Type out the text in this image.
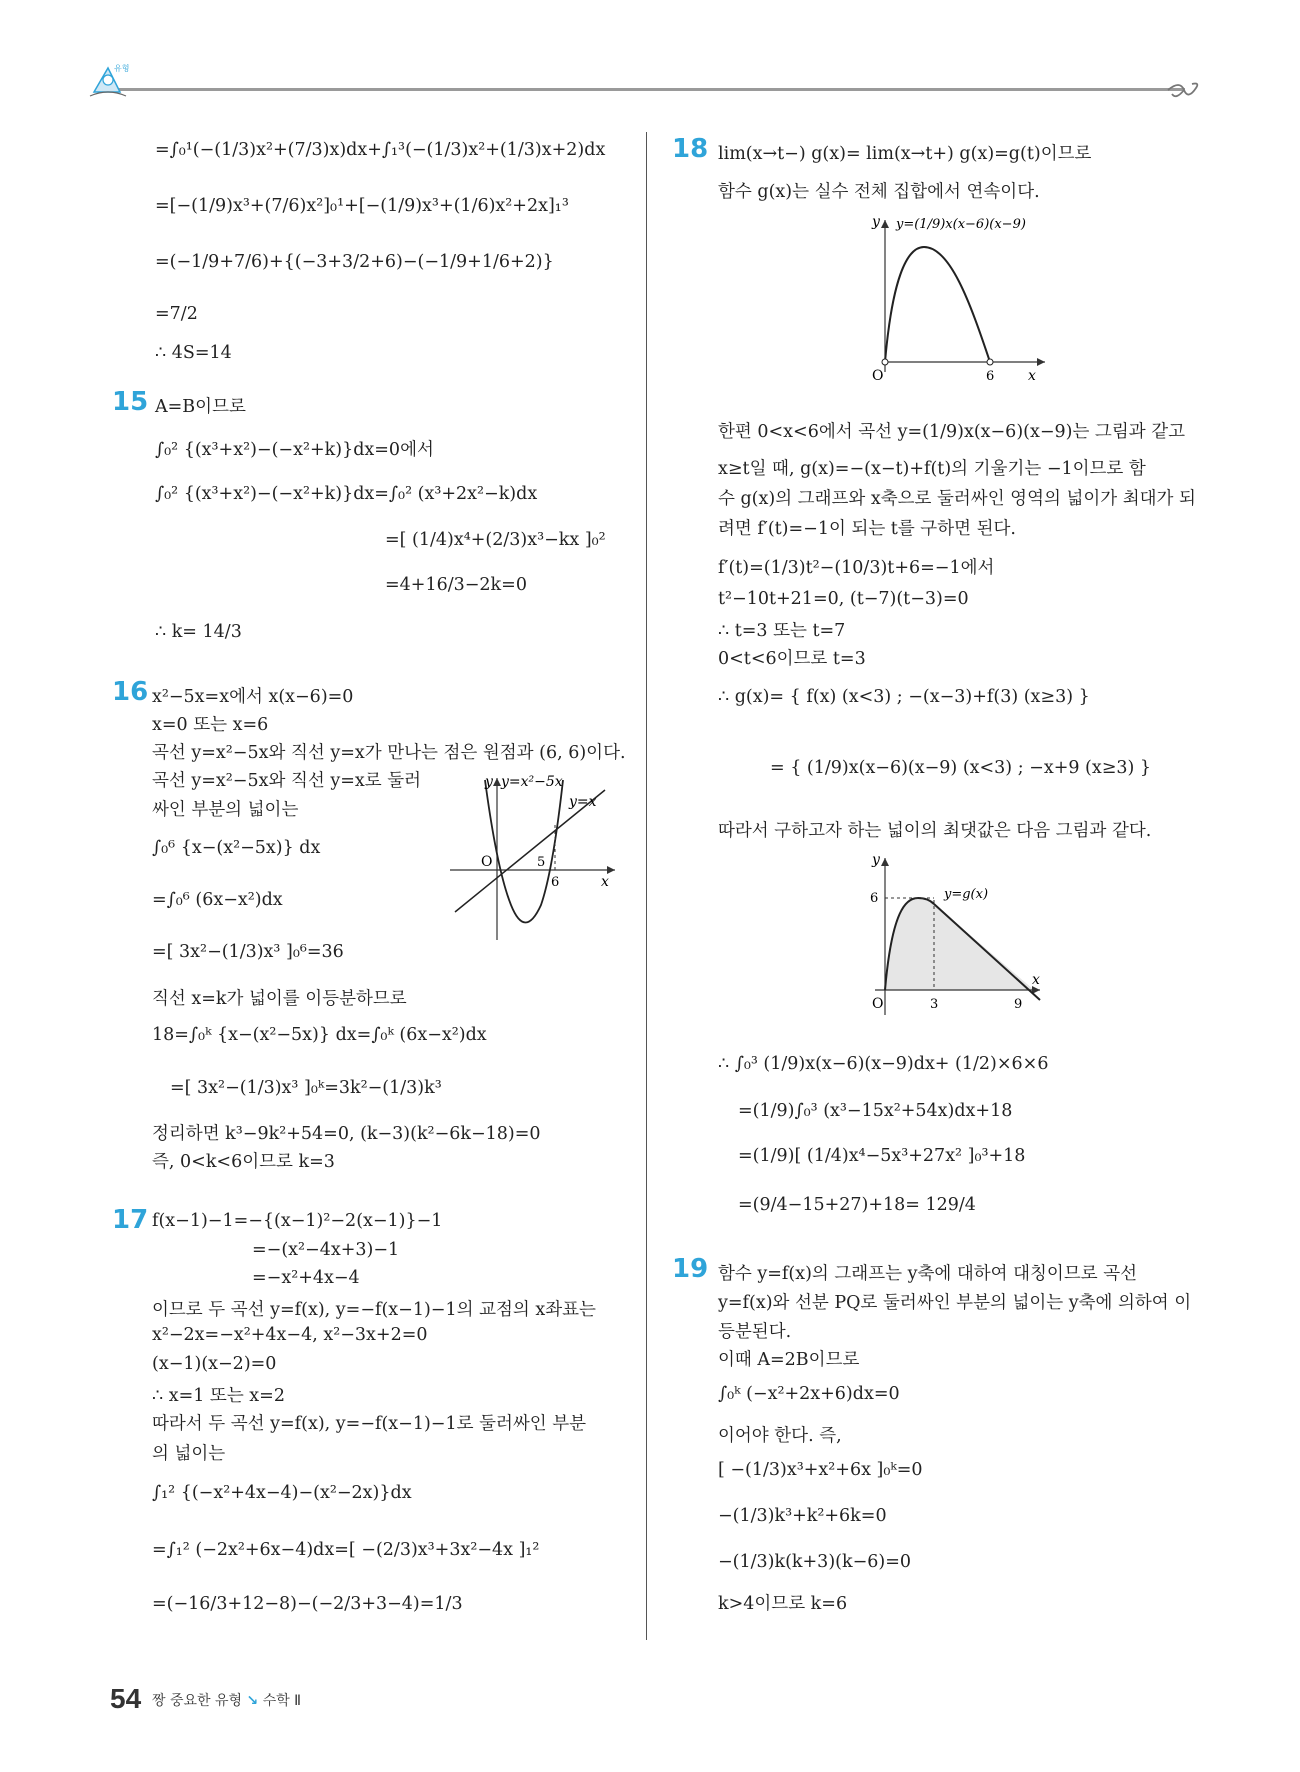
유형
=∫₀¹(−(1/3)x²+(7/3)x)dx+∫₁³(−(1/3)x²+(1/3)x+2)dx
=[−(1/9)x³+(7/6)x²]₀¹+[−(1/9)x³+(1/6)x²+2x]₁³
=(−1/9+7/6)+{(−3+3/2+6)−(−1/9+1/6+2)}
=7/2
∴ 4S=14
15 A=B이므로
∫₀² {(x³+x²)−(−x²+k)}dx=0에서
∫₀² {(x³+x²)−(−x²+k)}dx=∫₀² (x³+2x²−k)dx
=[ (1/4)x⁴+(2/3)x³−kx ]₀²
=4+16/3−2k=0
∴ k= 14/3
16 x²−5x=x에서 x(x−6)=0
x=0 또는 x=6
곡선 y=x²−5x와 직선 y=x가 만나는 점은 원점과 (6, 6)이다.
곡선 y=x²−5x와 직선 y=x로 둘러
싸인 부분의 넓이는
∫₀⁶ {x−(x²−5x)} dx
=∫₀⁶ (6x−x²)dx
=[ 3x²−(1/3)x³ ]₀⁶=36
직선 x=k가 넓이를 이등분하므로
18=∫₀ᵏ {x−(x²−5x)} dx=∫₀ᵏ (6x−x²)dx
=[ 3x²−(1/3)x³ ]₀ᵏ=3k²−(1/3)k³
정리하면 k³−9k²+54=0, (k−3)(k²−6k−18)=0
즉, 0<k<6이므로 k=3
y y=x²−5x
y=x
O	5
6	x
17 f(x−1)−1=−{(x−1)²−2(x−1)}−1
=−(x²−4x+3)−1
=−x²+4x−4
이므로 두 곡선 y=f(x), y=−f(x−1)−1의 교점의 x좌표는
x²−2x=−x²+4x−4, x²−3x+2=0
(x−1)(x−2)=0
∴ x=1 또는 x=2
따라서 두 곡선 y=f(x), y=−f(x−1)−1로 둘러싸인 부분
의 넓이는
∫₁² {(−x²+4x−4)−(x²−2x)}dx
=∫₁² (−2x²+6x−4)dx=[ −(2/3)x³+3x²−4x ]₁²
=(−16/3+12−8)−(−2/3+3−4)=1/3
18 lim(x→t−) g(x)= lim(x→t+) g(x)=g(t)이므로
함수 g(x)는 실수 전체 집합에서 연속이다.
y y=(1/9)x(x−6)(x−9)
O	6 x
한편 0<x<6에서 곡선 y=(1/9)x(x−6)(x−9)는 그림과 같고
x≥t일 때, g(x)=−(x−t)+f(t)의 기울기는 −1이므로 함
수 g(x)의 그래프와 x축으로 둘러싸인 영역의 넓이가 최대가 되
려면 f′(t)=−1이 되는 t를 구하면 된다.
f′(t)=(1/3)t²−(10/3)t+6=−1에서
t²−10t+21=0, (t−7)(t−3)=0
∴ t=3 또는 t=7
0<t<6이므로 t=3
∴ g(x)= { f(x) (x<3) ; −(x−3)+f(3) (x≥3) }
= { (1/9)x(x−6)(x−9) (x<3) ; −x+9 (x≥3) }
따라서 구하고자 하는 넓이의 최댓값은 다음 그림과 같다.
y
y=g(x)
6
O	3	9
x
∴ ∫₀³ (1/9)x(x−6)(x−9)dx+ (1/2)×6×6
=(1/9)∫₀³ (x³−15x²+54x)dx+18
=(1/9)[ (1/4)x⁴−5x³+27x² ]₀³+18
=(9/4−15+27)+18= 129/4
19 함수 y=f(x)의 그래프는 y축에 대하여 대칭이므로 곡선
y=f(x)와 선분 PQ로 둘러싸인 부분의 넓이는 y축에 의하여 이
등분된다.
이때 A=2B이므로
∫₀ᵏ (−x²+2x+6)dx=0
이어야 한다. 즉,
[ −(1/3)x³+x²+6x ]₀ᵏ=0
−(1/3)k³+k²+6k=0
−(1/3)k(k+3)(k−6)=0
k>4이므로 k=6
54 짱 중요한 유형 ↘ 수학 Ⅱ
